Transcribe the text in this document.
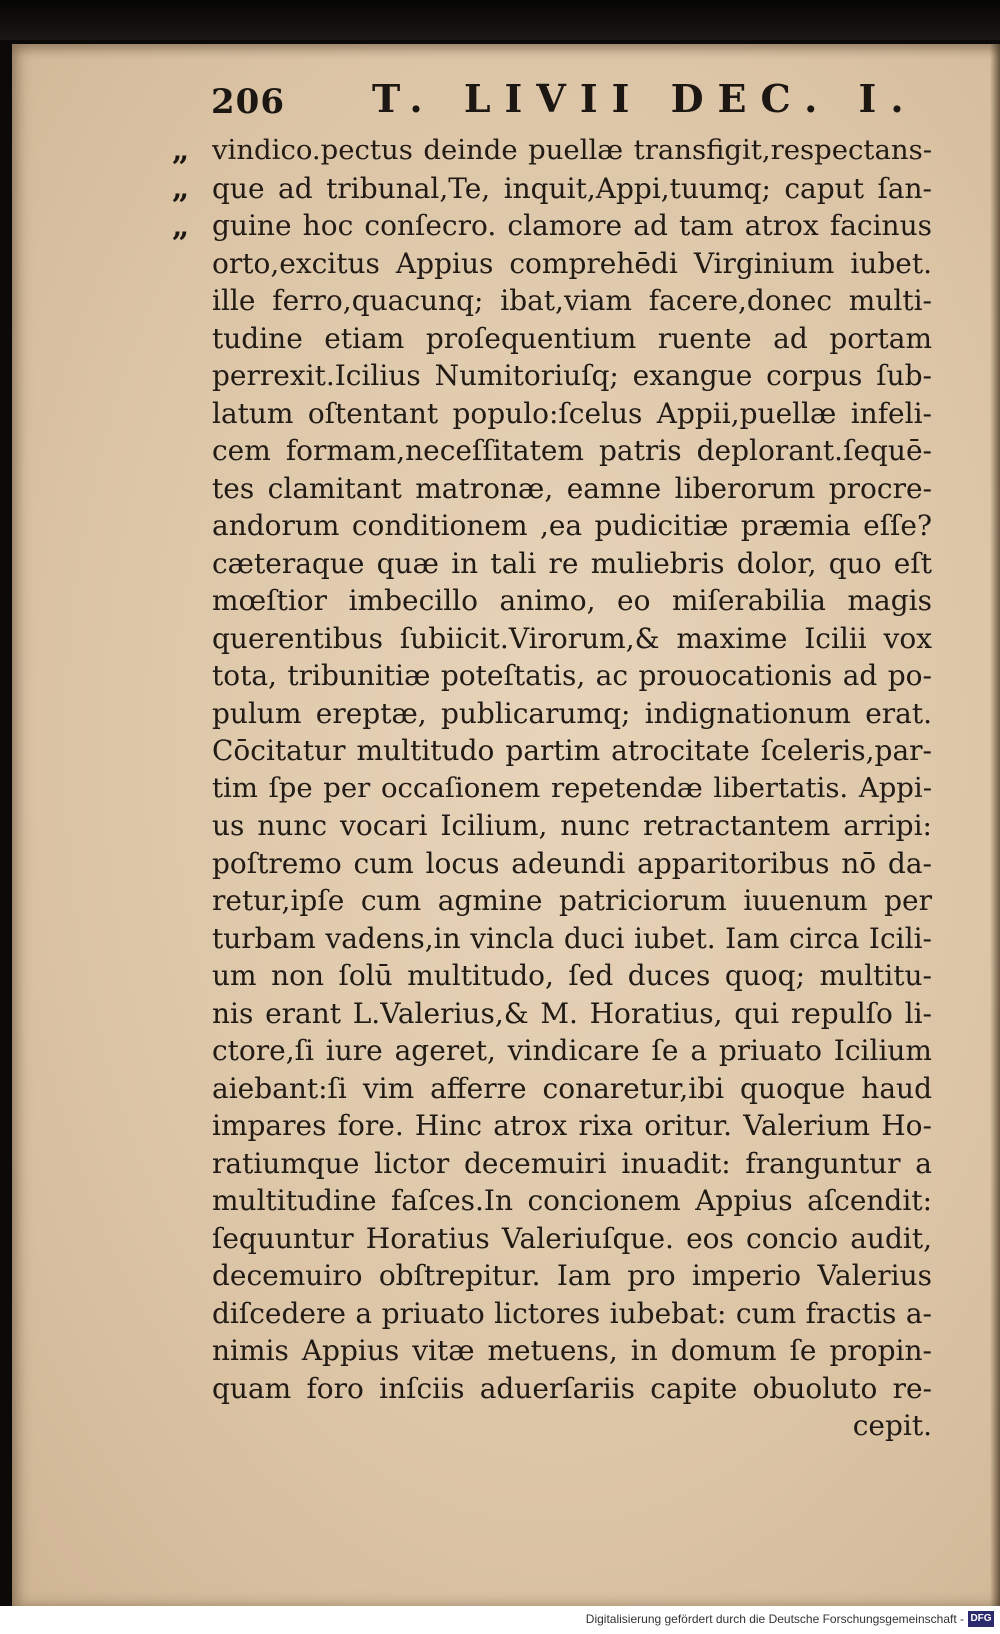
206 T. LIVII DEC. I.
„
„
„
vindico.pectus deinde puellæ transfigit,respectans-
que ad tribunal,Te, inquit,Appi,tuumq; caput ſan-
guine hoc conſecro. clamore ad tam atrox facinus
orto,excitus Appius comprehēdi Virginium iubet.
ille ferro,quacunq; ibat,viam facere,donec multi-
tudine etiam proſequentium ruente ad portam
perrexit.Icilius Numitoriuſq; exangue corpus ſub-
latum oſtentant populo:ſcelus Appii,puellæ infeli-
cem formam,neceſſitatem patris deplorant.ſequē-
tes clamitant matronæ, eamne liberorum procre-
andorum conditionem ,ea pudicitiæ præmia eſſe?
cæteraque quæ in tali re muliebris dolor, quo eſt
mœſtior imbecillo animo, eo miſerabilia magis
querentibus ſubiicit.Virorum,& maxime Icilii vox
tota, tribunitiæ poteſtatis, ac prouocationis ad po-
pulum ereptæ, publicarumq; indignationum erat.
Cōcitatur multitudo partim atrocitate ſceleris,par-
tim ſpe per occaſionem repetendæ libertatis. Appi-
us nunc vocari Icilium, nunc retractantem arripi:
poſtremo cum locus adeundi apparitoribus nō da-
retur,ipſe cum agmine patriciorum iuuenum per
turbam vadens,in vincla duci iubet. Iam circa Icili-
um non ſolū multitudo, ſed duces quoq; multitu-
nis erant L.Valerius,& M. Horatius, qui repulſo li-
ctore,ſi iure ageret, vindicare ſe a priuato Icilium
aiebant:ſi vim afferre conaretur,ibi quoque haud
impares fore. Hinc atrox rixa oritur. Valerium Ho-
ratiumque lictor decemuiri inuadit: franguntur a
multitudine faſces.In concionem Appius aſcendit:
ſequuntur Horatius Valeriuſque. eos concio audit,
decemuiro obſtrepitur. Iam pro imperio Valerius
diſcedere a priuato lictores iubebat: cum fractis a-
nimis Appius vitæ metuens, in domum ſe propin-
quam foro inſciis aduerſariis capite obuoluto re-
cepit.
Digitalisierung gefördert durch die Deutsche Forschungsgemeinschaft - DFG
